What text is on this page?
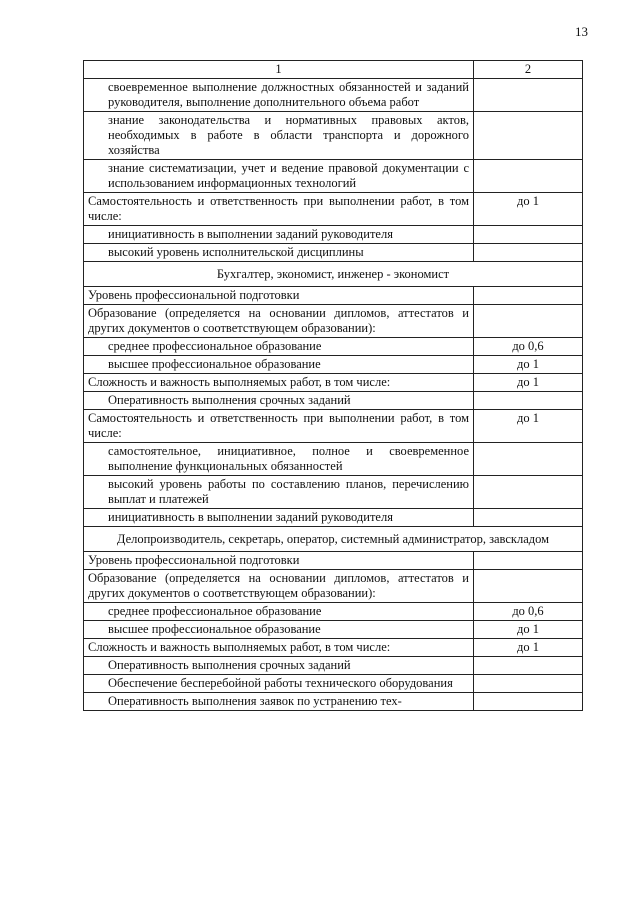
13
1	2
своевременное выполнение должностных обязанностей и заданий руководителя, выполнение дополнительного объема работ	
знание законодательства и нормативных правовых актов, необходимых в работе в области транспорта и дорожного хозяйства	
знание систематизации, учет и ведение правовой документации с использованием информационных технологий	
Самостоятельность и ответственность при выполнении работ, в том числе:	до 1
инициативность в выполнении заданий руководителя	
высокий уровень исполнительской дисциплины	
Бухгалтер, экономист, инженер - экономист	
Уровень профессиональной подготовки	
Образование (определяется на основании дипломов, аттестатов и других документов о соответствующем образовании):	
среднее профессиональное образование	до 0,6
высшее профессиональное образование	до 1
Сложность и важность выполняемых работ, в том числе:	до 1
Оперативность выполнения срочных заданий	
Самостоятельность и ответственность при выполнении работ, в том числе:	до 1
самостоятельное, инициативное, полное и своевременное выполнение функциональных обязанностей	
высокий уровень работы по составлению планов, перечислению выплат и платежей	
инициативность в выполнении заданий руководителя	
Делопроизводитель, секретарь, оператор, системный администратор, завскладом	
Уровень профессиональной подготовки	
Образование (определяется на основании дипломов, аттестатов и других документов о соответствующем образовании):	
среднее профессиональное образование	до 0,6
высшее профессиональное образование	до 1
Сложность и важность выполняемых работ, в том числе:	до 1
Оперативность выполнения срочных заданий	
Обеспечение бесперебойной работы технического оборудования	
Оперативность выполнения заявок по устранению тех-	
